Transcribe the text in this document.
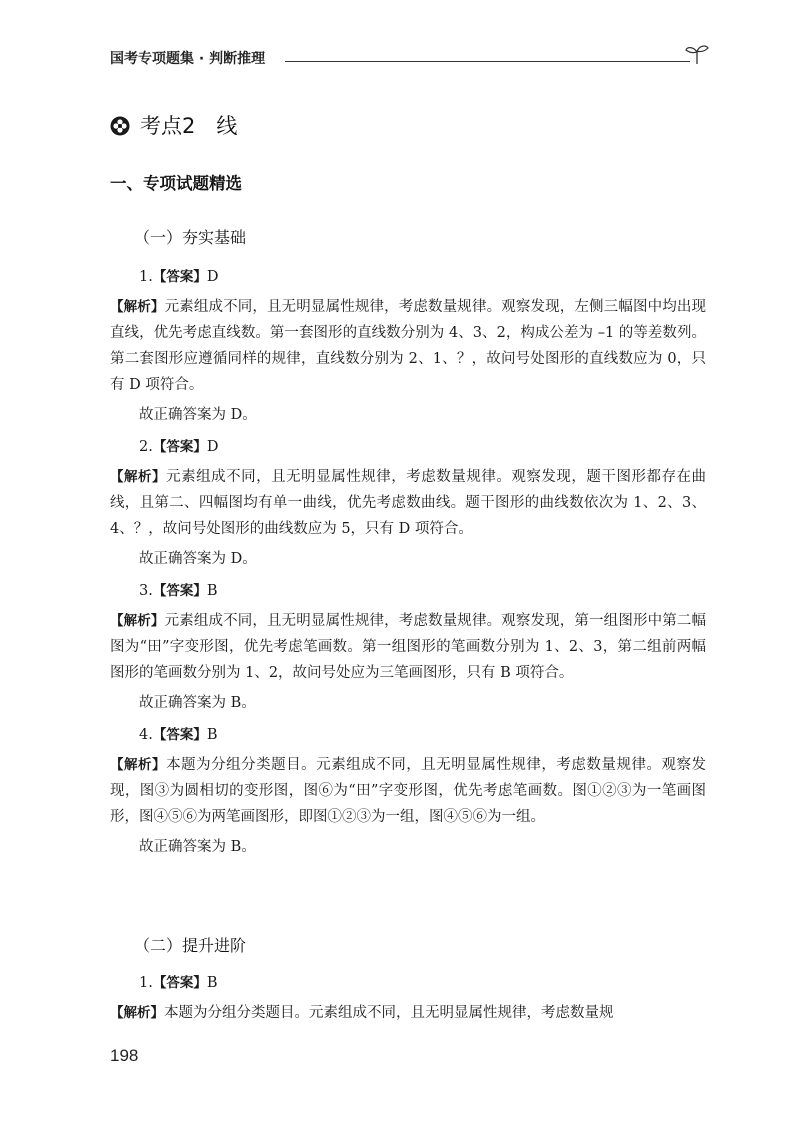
国考专项题集 · 判断推理
考点2　线
一、专项试题精选
（一）夯实基础

1.【答案】D

【解析】元素组成不同，且无明显属性规律，考虑数量规律。观察发现，左侧三幅图中均出现直线，优先考虑直线数。第一套图形的直线数分别为 4、3、2，构成公差为 –1 的等差数列。第二套图形应遵循同样的规律，直线数分别为 2、1、？，故问号处图形的直线数应为 0，只有 D 项符合。

故正确答案为 D。

2.【答案】D

【解析】元素组成不同，且无明显属性规律，考虑数量规律。观察发现，题干图形都存在曲线，且第二、四幅图均有单一曲线，优先考虑数曲线。题干图形的曲线数依次为 1、2、3、4、？，故问号处图形的曲线数应为 5，只有 D 项符合。

故正确答案为 D。

3.【答案】B

【解析】元素组成不同，且无明显属性规律，考虑数量规律。观察发现，第一组图形中第二幅图为“田”字变形图，优先考虑笔画数。第一组图形的笔画数分别为 1、2、3，第二组前两幅图形的笔画数分别为 1、2，故问号处应为三笔画图形，只有 B 项符合。

故正确答案为 B。

4.【答案】B

【解析】本题为分组分类题目。元素组成不同，且无明显属性规律，考虑数量规律。观察发现，图③为圆相切的变形图，图⑥为“田”字变形图，优先考虑笔画数。图①②③为一笔画图形，图④⑤⑥为两笔画图形，即图①②③为一组，图④⑤⑥为一组。

故正确答案为 B。

（二）提升进阶

1.【答案】B

【解析】本题为分组分类题目。元素组成不同，且无明显属性规律，考虑数量规

198
